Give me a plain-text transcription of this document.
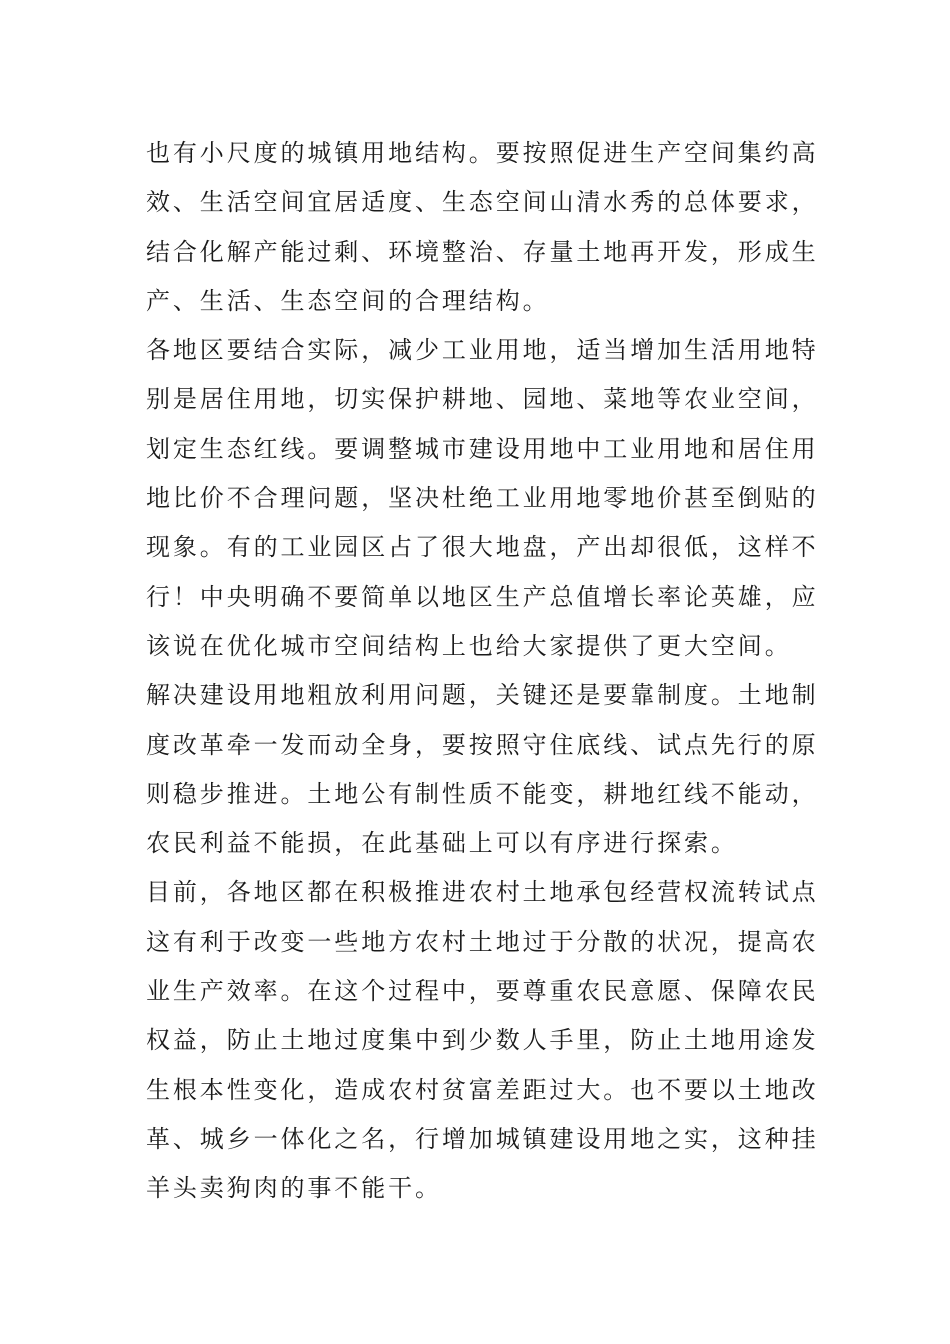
也有小尺度的城镇用地结构。要按照促进生产空间集约高
效、生活空间宜居适度、生态空间山清水秀的总体要求，
结合化解产能过剩、环境整治、存量土地再开发，形成生
产、生活、生态空间的合理结构。
各地区要结合实际，减少工业用地，适当增加生活用地特
别是居住用地，切实保护耕地、园地、菜地等农业空间，
划定生态红线。要调整城市建设用地中工业用地和居住用
地比价不合理问题，坚决杜绝工业用地零地价甚至倒贴的
现象。有的工业园区占了很大地盘，产出却很低，这样不
行！中央明确不要简单以地区生产总值增长率论英雄，应
该说在优化城市空间结构上也给大家提供了更大空间。
解决建设用地粗放利用问题，关键还是要靠制度。土地制
度改革牵一发而动全身，要按照守住底线、试点先行的原
则稳步推进。土地公有制性质不能变，耕地红线不能动，
农民利益不能损，在此基础上可以有序进行探索。
目前，各地区都在积极推进农村土地承包经营权流转试点
这有利于改变一些地方农村土地过于分散的状况，提高农
业生产效率。在这个过程中，要尊重农民意愿、保障农民
权益，防止土地过度集中到少数人手里，防止土地用途发
生根本性变化，造成农村贫富差距过大。也不要以土地改
革、城乡一体化之名，行增加城镇建设用地之实，这种挂
羊头卖狗肉的事不能干。
